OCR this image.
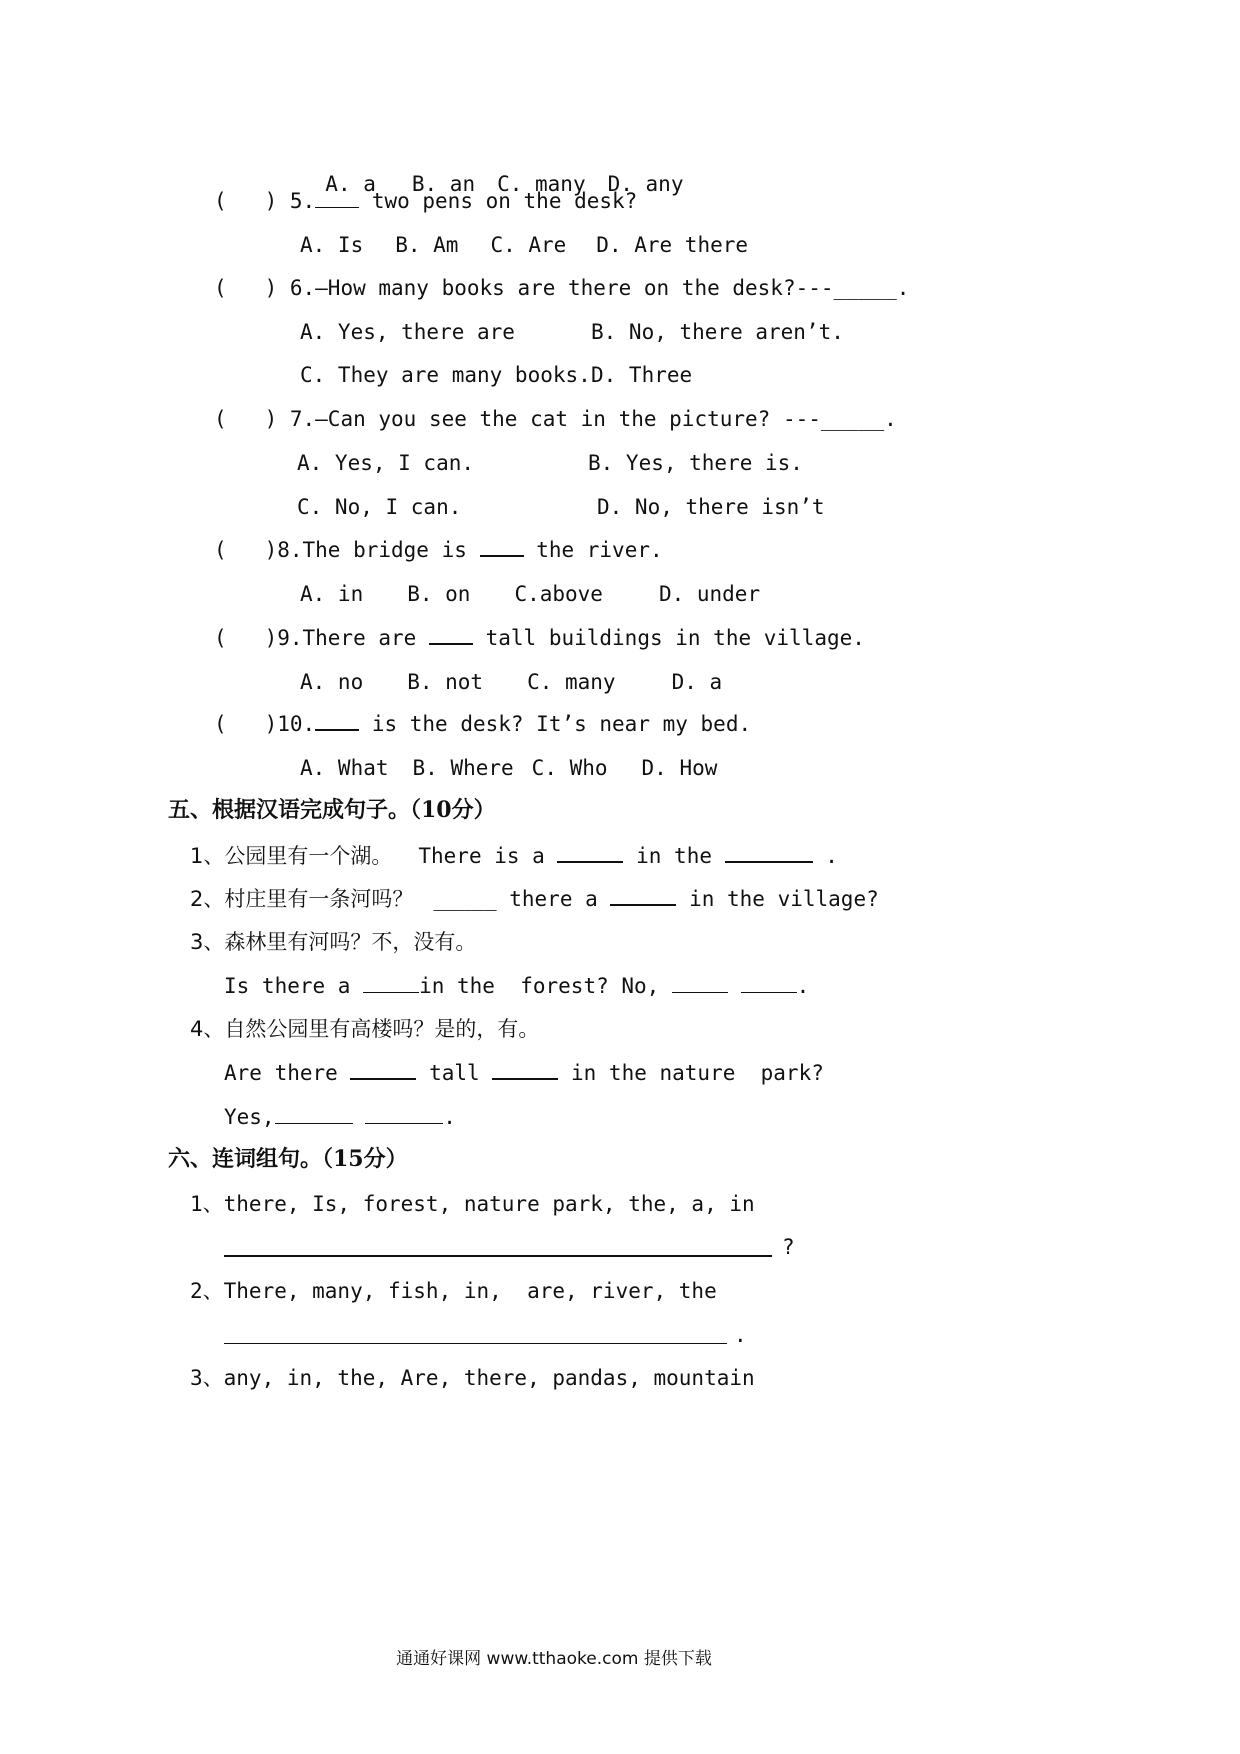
A. a B. an C. many D. any

(   ) 5. two pens on the desk?
A. Is B. Am C. Are D. Are there
(   ) 6.—How many books are there on the desk?---_____.
A. Yes, there are	B. No, there aren’t.
C. They are many books. D. Three
(   ) 7.—Can you see the cat in the picture? ---_____.
A. Yes, I can.	B. Yes, there is.
C. No, I can.	D. No, there isn’t
(   )8.The bridge is	the river.
A. in B. on C.above	D. under
(   )9.There are	tall buildings in the village.
A. no B. not C. many	D. a
(   )10.	is the desk? It’s near my bed.
A. What B. Where C. Who D. How
五、根据汉语完成句子。（10分）
1、公园里有一个湖。 There is a	in the	.
2、村庄里有一条河吗？ _____ there a	in the village?
3、森林里有河吗？不，没有。
Is there a	in the  forest? No,	.
4、自然公园里有高楼吗？是的，有。
Are there	tall	in the nature  park?
Yes,	.
六、连词组句。（15分）
1、there, Is, forest, nature park, the, a, in
?
2、There, many, fish, in,  are, river, the
.
3、any, in, the, Are, there, pandas, mountain
通通好课网 www.tthaoke.com 提供下载
